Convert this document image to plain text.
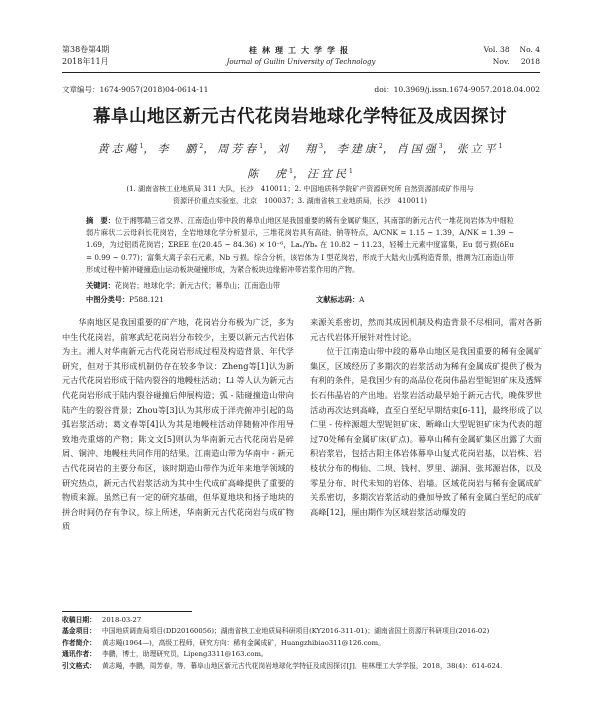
第38卷第4期
2018年11月
桂林理工大学学报
Journal of Guilin University of Technology
Vol. 38 No. 4
Nov. 2018
文章编号：1674-9057(2018)04-0614-11	doi：10.3969/j.issn.1674-9057.2018.04.002
幕阜山地区新元古代花岗岩地球化学特征及成因探讨
黄志飚$^1$，李　鹏$^2$，周芳春$^1$，刘　翔$^3$，李建康$^2$，肖国强$^3$，张立平$^1$
陈　虎$^1$，汪宜民$^1$
(1. 湖南省核工业地质局 311 大队，长沙　410011；2. 中国地质科学院矿产资源研究所 自然资源部成矿作用与
资源评价重点实验室，北京　100037；3. 湖南省核工业地质局，长沙　410011)
摘　要：位于湘鄂赣三省交界、江南造山带中段的幕阜山地区是我国重要的稀有金属矿集区，其南部的新元古代一堆花岗岩体为中细粒弱片麻状二云母斜长花岗岩，全岩地球化学分析显示，三堆花岗岩具有高硅、钠等特点，A/CNK = 1.15 ~ 1.39，A/NK = 1.39 ~ 1.69，为过铝质花岗岩；ΣREE 在(20.45 ~ 84.36) × 10⁻⁶，Laₙ/Ybₙ 在 10.82 ~ 11.23，轻稀土元素中度富集，Eu 弱亏损(δEu = 0.99 ~ 0.77)；富集大离子亲石元素，Nb 亏损。综合分析，该岩体为 I 型花岗岩，形成于大陆火山弧构造背景，推测为江南造山带形成过程中俯冲碰撞造山运动板块碰撞形成，为紧合板块边缘俯冲带岩浆作用的产物。
关键词：花岗岩；地球化学；新元古代；幕阜山；江南造山带
中图分类号：P588.121	文献标志码：A

华南地区是我国重要的矿产地，花岗岩分布极为广泛，多为中生代花岗岩，前寒武纪花岗岩分布较少，主要以新元古代岩体为主。湘人对华南新元古代花岗岩形成过程及构造背景、年代学研究，但对于其形成机制仍存在较多争议：Zheng等[1]认为新元古代花岗岩形成于陆内裂谷的地幔柱活动；Li 等人认为新元古代花岗岩形成于陆内裂谷碰撞后伸展构造；弧 - 陆碰撞造山带向陆产生的裂谷背景；Zhou等[3]认为其形成于洋壳俯冲引起的岛弧岩浆活动；葛文春等[4]认为其是地幔柱活动伴随俯冲作用导致地壳重熔的产物；陈文文[5]则认为华南新元古代花岗岩是碎屑、铜沖、地幔柱共同作用的结果。江南造山带为华南中 - 新元古代花岗岩的主要分布区，该时期造山带作为近年来地学领域的研究热点，新元古代岩浆活动为其中生代成矿高峰提供了重要的物质来源。虽然已有一定的研究基础，但华夏地块和扬子地块的拼合时间仍存有争议，综上所述，华南新元古代花岗岩与成矿物质

来源关系密切，然而其成因机制及构造背景不尽相同，需对各新元古代岩体开展针对性讨论。

位于江南造山带中段的幕阜山地区是我国重要的稀有金属矿集区，区域经历了多期次的岩浆活动为稀有金属成矿提供了极为有利的条件，是我国少有的高品位花岗伟晶岩型铌钽矿床及透辉长石伟晶岩的产出地。岩浆岩活动最早始于新元古代，晚侏罗世活动再次达到高峰，直至白垩纪早期结束[6-11]，最终形成了以仁里 - 传梓源超大型铌钽矿床、断峰山大型铌钽矿床为代表的超过70处稀有金属矿床(矿点)。幕阜山稀有金属矿集区出露了大面积岩浆岩，包括古阳主体岩体幕阜山复式花岗岩基，以岩株、岩枝状分布的梅仙、二坝、钱村、罗里、湖洞、张邦源岩体，以及零星分布、时代未知的岩体、岩墙。区域花岗岩与稀有金属成矿关系密切，多期次岩浆活动的叠加导致了稀有金属白垩纪的成矿高峰[12]，厘由期作为区域岩浆活动爆发的

收稿日期： 2018-03-27
基金项目： 中国地质调查局项目(DD20160056)；湖南省核工业地质局科研项目(KY2016-311-01)；湖南省国土资源厅科研项目(2016-02)
作者简介： 黄志飚(1964—)，高级工程师，研究方向：稀有金属成矿，Huangzhibiao311@126.com。
通讯作者： 李鹏，博士，助理研究员，Lipeng3311@163.com。
引文格式： 黄志飚，李鹏，周芳春，等．幕阜山地区新元古代花岗岩地球化学特征及成因探讨[J]．桂林理工大学学报，2018，38(4)：614-624.
